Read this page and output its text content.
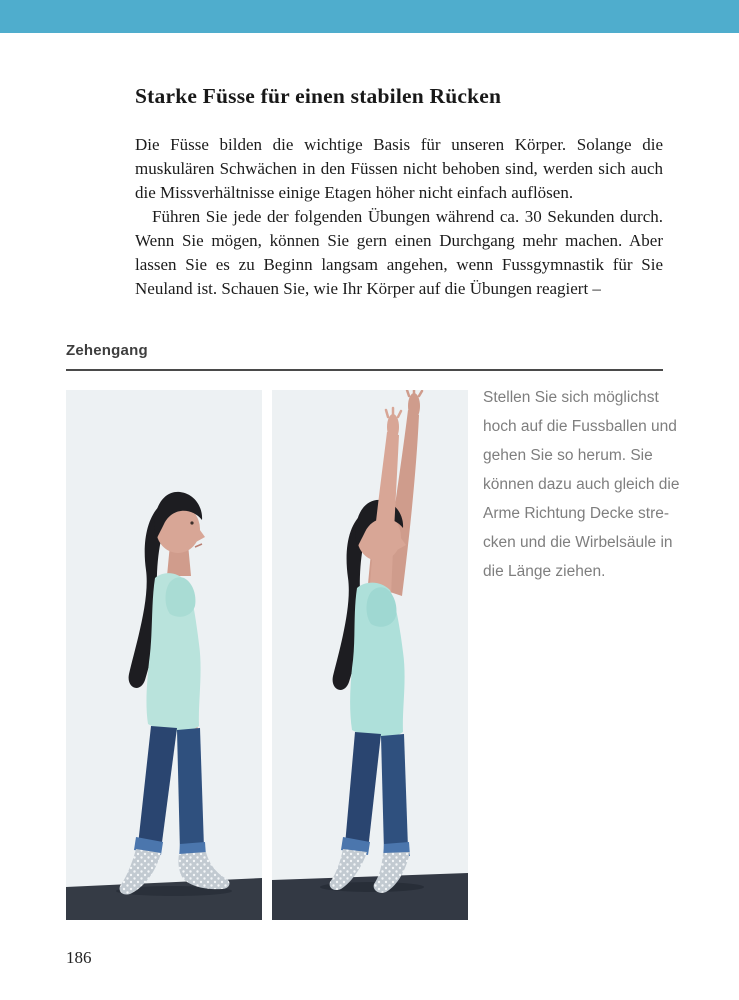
Starke Füsse für einen stabilen Rücken

Die Füsse bilden die wichtige Basis für unseren Körper. Solange die muskulären Schwächen in den Füssen nicht behoben sind, werden sich auch die Missverhältnisse einige Etagen höher nicht einfach auflösen.

Führen Sie jede der folgenden Übungen während ca. 30 Sekunden durch. Wenn Sie mögen, können Sie gern einen Durchgang mehr machen. Aber lassen Sie es zu Beginn langsam angehen, wenn Fussgymnastik für Sie Neuland ist. Schauen Sie, wie Ihr Körper auf die Übungen reagiert –

Zehengang
Stellen Sie sich möglichst
hoch auf die Fussballen und
gehen Sie so herum. Sie
können dazu auch gleich die
Arme Richtung Decke stre-
cken und die Wirbelsäule in
die Länge ziehen.
186
